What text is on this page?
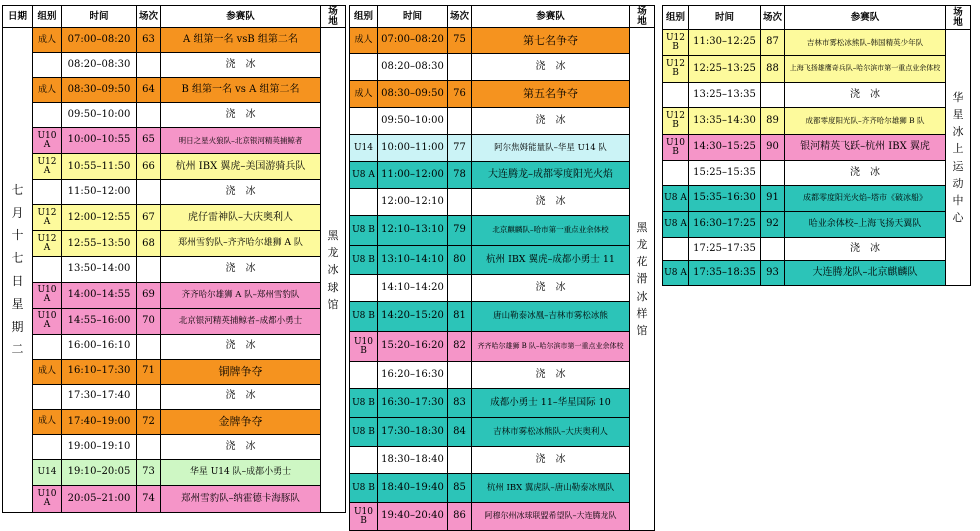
日期	组别	时间	场次	参赛队	场地
七月十七日星期二	成人	07:00–08:20	63	A 组第一名 vsB 组第二名	黑龙冰球馆
		08:20–08:30		浇　冰	
	成人	08:30–09:50	64	B 组第一名 vs A 组第二名	
		09:50–10:00		浇　冰	
	U10 A	10:00–10:55	65	明日之星火狼队–北京银河精英捕鲸者	
	U12 A	10:55–11:50	66	杭州 IBX 翼虎–美国游骑兵队	
		11:50–12:00		浇　冰	
	U12 A	12:00–12:55	67	虎仔雷神队–大庆奥利人	
	U12 A	12:55–13:50	68	郑州雪豹队–齐齐哈尔雄狮 A 队	
		13:50–14:00		浇　冰	
	U10 A	14:00–14:55	69	齐齐哈尔雄狮 A 队–郑州雪豹队	
	U10 A	14:55–16:00	70	北京银河精英捕鲸者–成都小勇士	
		16:00–16:10		浇　冰	
	成人	16:10–17:30	71	铜牌争夺	
		17:30–17:40		浇　冰	
	成人	17:40–19:00	72	金牌争夺	
		19:00–19:10		浇　冰	
	U14	19:10–20:05	73	华星 U14 队–成都小勇士	
	U10 A	20:05–21:00	74	郑州雪豹队–纳霍德卡海豚队	
组别	时间	场次	参赛队	场地
成人	07:00–08:20	75	第七名争夺	黑龙花滑冰样馆
	08:20–08:30		浇　冰	
成人	08:30–09:50	76	第五名争夺	
	09:50–10:00		浇　冰	
U14	10:00–11:00	77	阿尔焦姆能量队–华星 U14 队	
U8 A	11:00–12:00	78	大连腾龙–成都零度阳光火焰	
	12:00–12:10		浇　冰	
U8 B	12:10–13:10	79	北京麒麟队–哈市第一重点业余体校	
U8 B	13:10–14:10	80	杭州 IBX 翼虎–成都小勇士 11	
	14:10–14:20		浇　冰	
U8 B	14:20–15:20	81	唐山勒泰冰凰–吉林市雾松冰熊	
U10 B	15:20–16:20	82	齐齐哈尔雄狮 B 队–哈尔滨市第一重点业余体校	
	16:20–16:30		浇　冰	
U8 B	16:30–17:30	83	成都小勇士 11–华星国际 10	
U8 B	17:30–18:30	84	吉林市雾松冰熊队–大庆奥利人	
	18:30–18:40		浇　冰	
U8 B	18:40–19:40	85	杭州 IBX 翼虎队–唐山勒泰冰凰队	
U10 B	19:40–20:40	86	阿穆尔州冰球联盟希望队–大连腾龙队	
组别	时间	场次	参赛队	场地
U12 B	11:30–12:25	87	吉林市雾松冰熊队–韩国精英少年队	华星冰上运动中心
U12 B	12:25–13:25	88	上海飞扬雄鹰奇兵队–哈尔滨市第一重点业余体校	
	13:25–13:35		浇　冰	
U12 B	13:35–14:30	89	成都零度阳光队–齐齐哈尔雄狮 B 队	
U10 B	14:30–15:25	90	银河精英飞跃–杭州 IBX 翼虎	
	15:25–15:35		浇　冰	
U8 A	15:35–16:30	91	成都零度阳光火焰–塔市《破冰船》	
U8 A	16:30–17:25	92	哈业余体校–上海飞扬天翼队	
	17:25–17:35		浇　冰	
U8 A	17:35–18:35	93	大连腾龙队–北京麒麟队	
